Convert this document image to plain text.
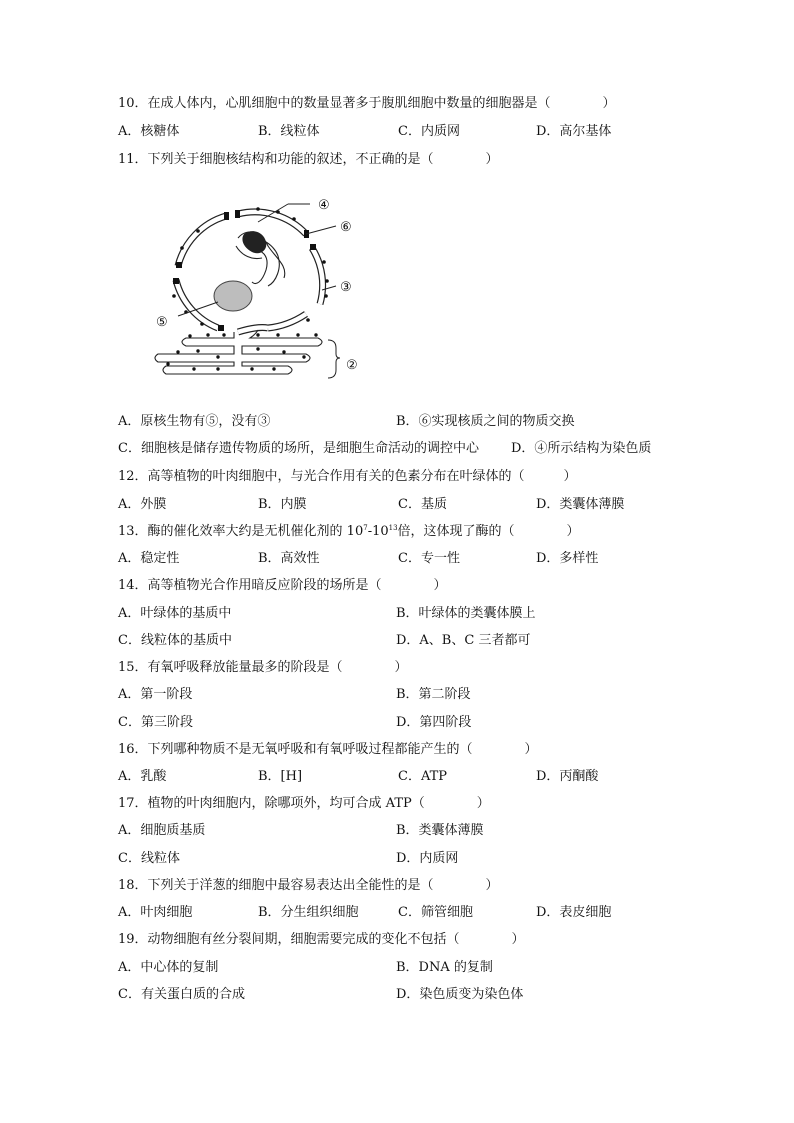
10．在成人体内，心肌细胞中的数量显著多于腹肌细胞中数量的细胞器是（　　　　）
A．核糖体	B．线粒体	C．内质网	D．高尔基体
11．下列关于细胞核结构和功能的叙述，不正确的是（　　　　）
④
⑥
③
⑤
②
A．原核生物有⑤，没有③	B．⑥实现核质之间的物质交换
C．细胞核是储存遗传物质的场所，是细胞生命活动的调控中心 D．④所示结构为染色质
12．高等植物的叶肉细胞中，与光合作用有关的色素分布在叶绿体的（　　　）
A．外膜	B．内膜	C．基质	D．类囊体薄膜
13．酶的催化效率大约是无机催化剂的 $10^7-10^{13}$倍，这体现了酶的（　　　　）
A．稳定性	B．高效性	C．专一性	D．多样性
14．高等植物光合作用暗反应阶段的场所是（　　　　）
A．叶绿体的基质中	B．叶绿体的类囊体膜上
C．线粒体的基质中	D．A、B、C 三者都可
15．有氧呼吸释放能量最多的阶段是（　　　　）
A．第一阶段	B．第二阶段
C．第三阶段	D．第四阶段
16．下列哪种物质不是无氧呼吸和有氧呼吸过程都能产生的（　　　　）
A．乳酸	B．[H]	C．ATP	D．丙酮酸
17．植物的叶肉细胞内，除哪项外，均可合成 ATP（　　　　）
A．细胞质基质	B．类囊体薄膜
C．线粒体	D．内质网
18．下列关于洋葱的细胞中最容易表达出全能性的是（　　　　）
A．叶肉细胞	B．分生组织细胞	C．筛管细胞	D．表皮细胞
19．动物细胞有丝分裂间期，细胞需要完成的变化不包括（　　　　）
A．中心体的复制	B．DNA 的复制
C．有关蛋白质的合成	D．染色质变为染色体
